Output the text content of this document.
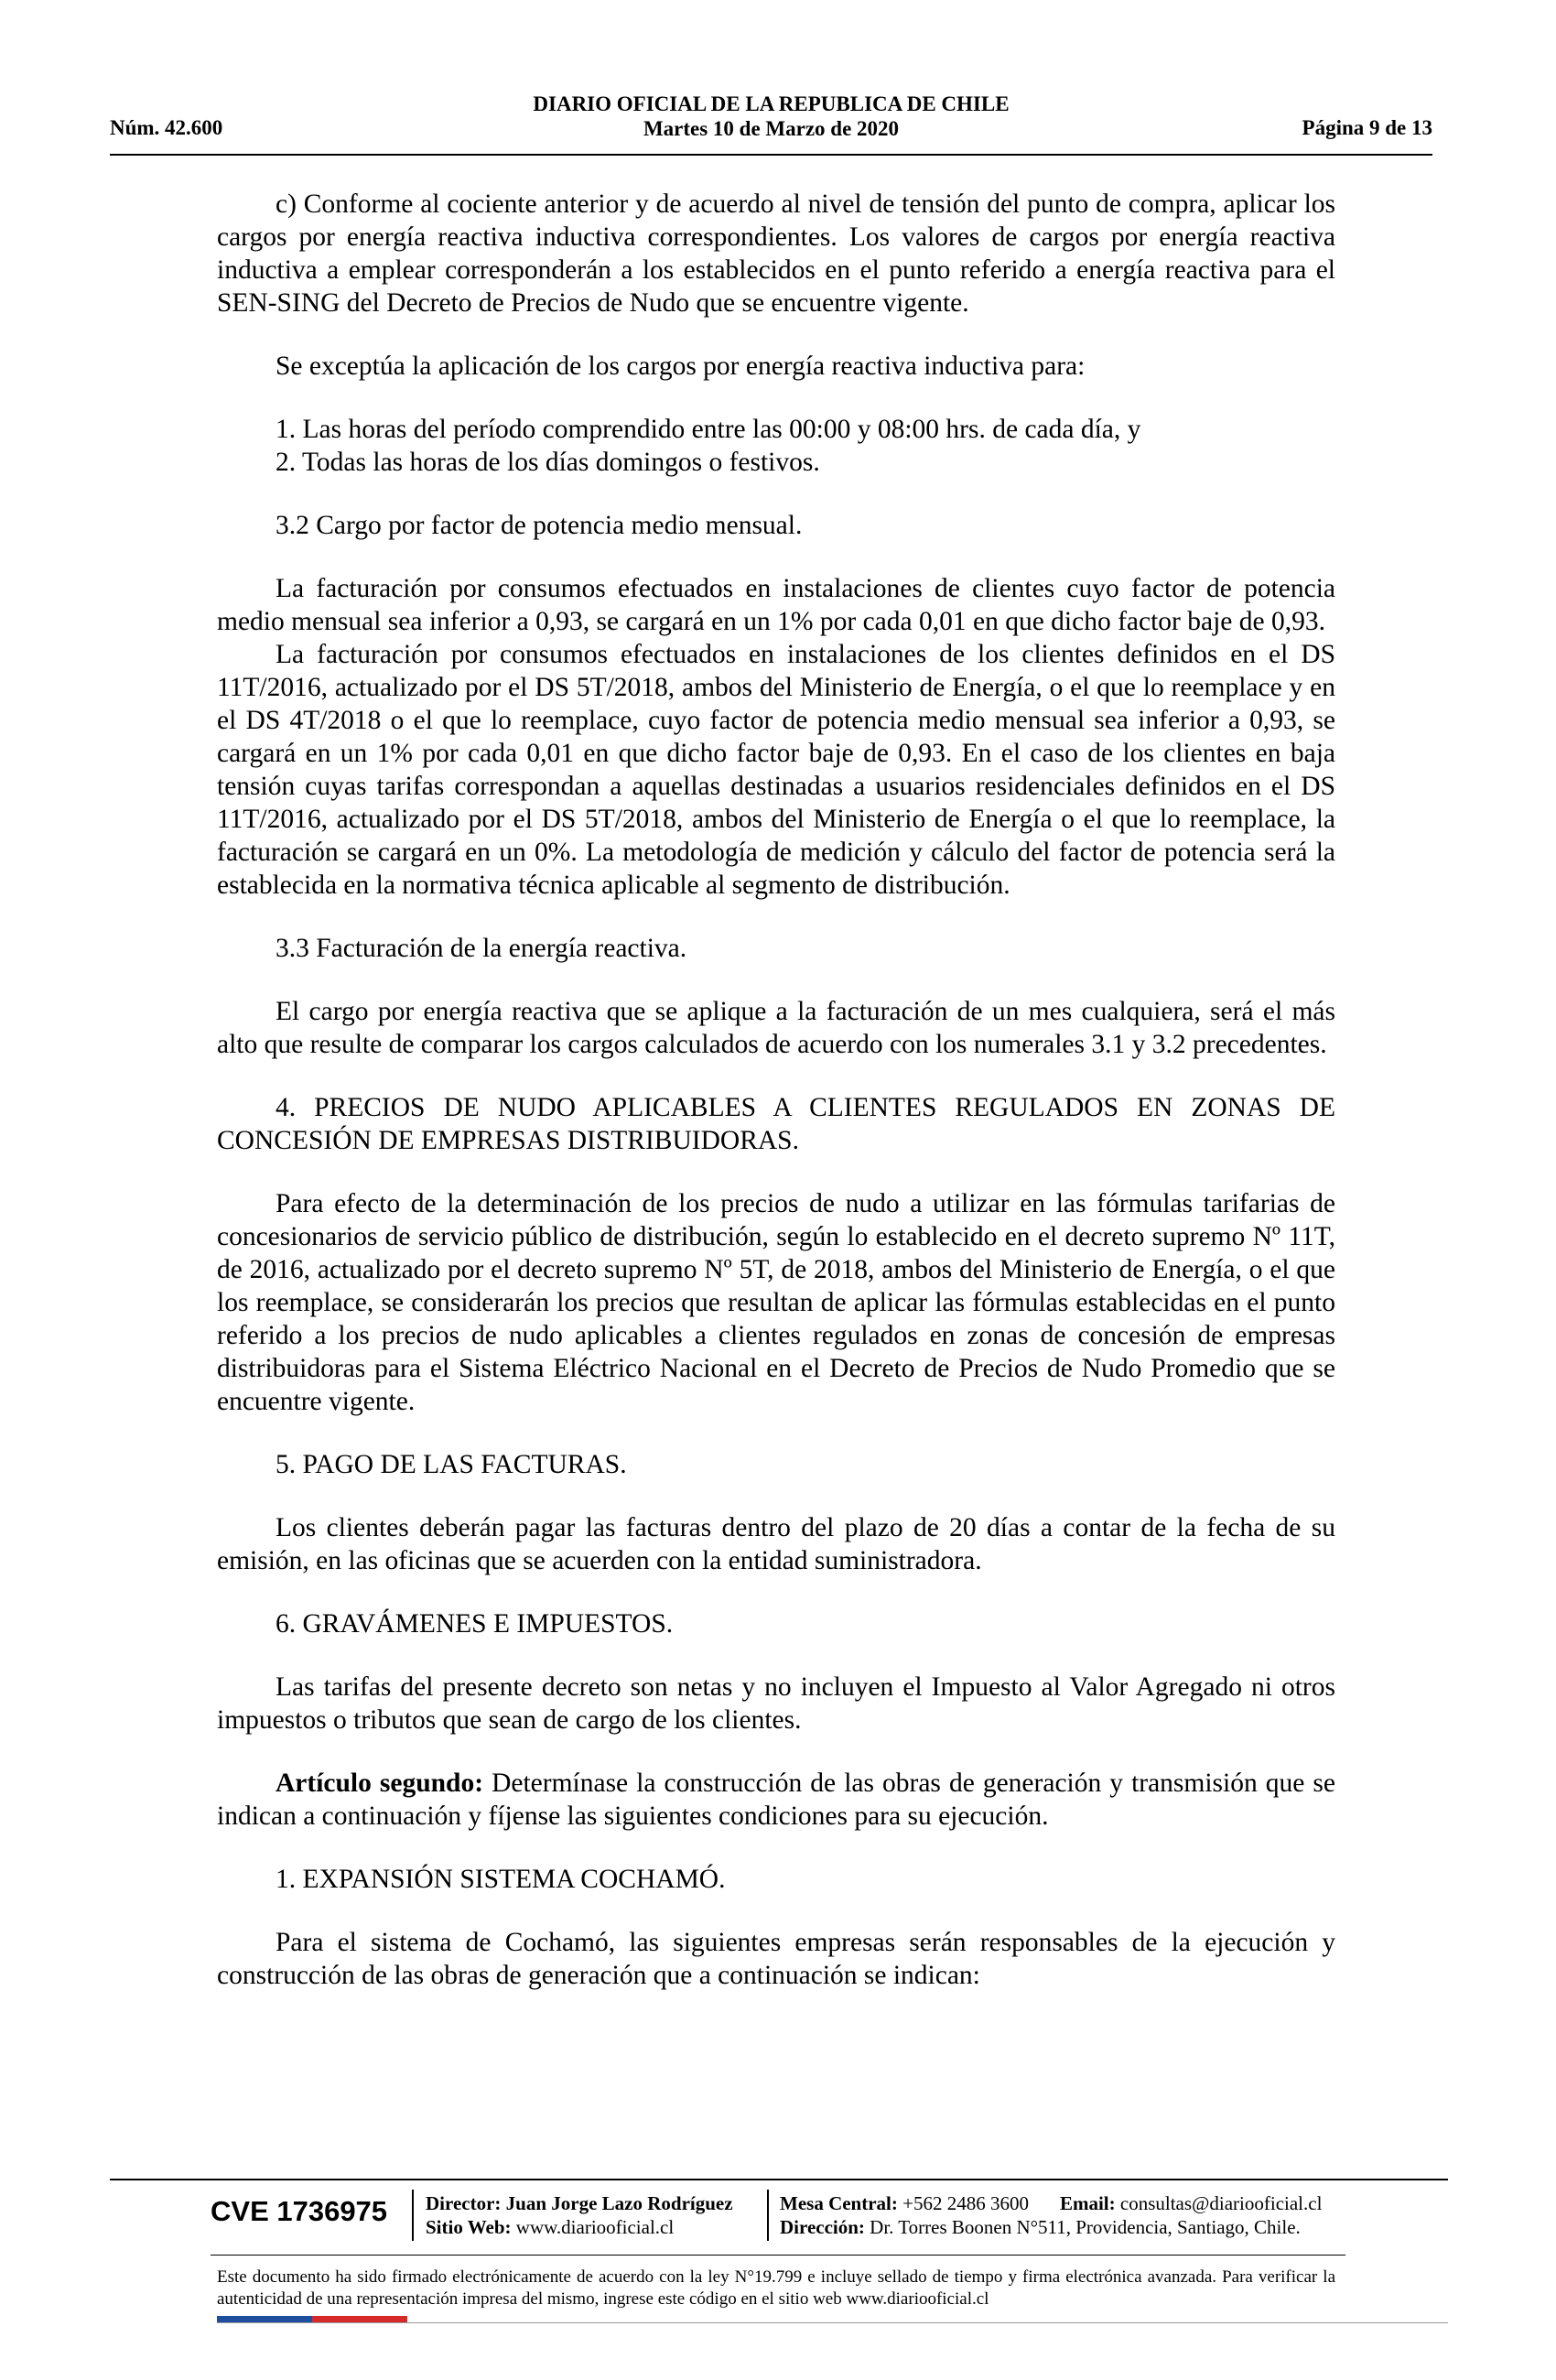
DIARIO OFICIAL DE LA REPUBLICA DE CHILE
Martes 10 de Marzo de 2020
Núm. 42.600	Página 9 de 13

c) Conforme al cociente anterior y de acuerdo al nivel de tensión del punto de compra, aplicar los cargos por energía reactiva inductiva correspondientes. Los valores de cargos por energía reactiva inductiva a emplear corresponderán a los establecidos en el punto referido a energía reactiva para el SEN-SING del Decreto de Precios de Nudo que se encuentre vigente.

Se exceptúa la aplicación de los cargos por energía reactiva inductiva para:

1. Las horas del período comprendido entre las 00:00 y 08:00 hrs. de cada día, y

2. Todas las horas de los días domingos o festivos.

3.2 Cargo por factor de potencia medio mensual.

La facturación por consumos efectuados en instalaciones de clientes cuyo factor de potencia medio mensual sea inferior a 0,93, se cargará en un 1% por cada 0,01 en que dicho factor baje de 0,93.

La facturación por consumos efectuados en instalaciones de los clientes definidos en el DS 11T/2016, actualizado por el DS 5T/2018, ambos del Ministerio de Energía, o el que lo reemplace y en el DS 4T/2018 o el que lo reemplace, cuyo factor de potencia medio mensual sea inferior a 0,93, se cargará en un 1% por cada 0,01 en que dicho factor baje de 0,93. En el caso de los clientes en baja tensión cuyas tarifas correspondan a aquellas destinadas a usuarios residenciales definidos en el DS 11T/2016, actualizado por el DS 5T/2018, ambos del Ministerio de Energía o el que lo reemplace, la facturación se cargará en un 0%. La metodología de medición y cálculo del factor de potencia será la establecida en la normativa técnica aplicable al segmento de distribución.

3.3 Facturación de la energía reactiva.

El cargo por energía reactiva que se aplique a la facturación de un mes cualquiera, será el más alto que resulte de comparar los cargos calculados de acuerdo con los numerales 3.1 y 3.2 precedentes.

4. PRECIOS DE NUDO APLICABLES A CLIENTES REGULADOS EN ZONAS DE CONCESIÓN DE EMPRESAS DISTRIBUIDORAS.

Para efecto de la determinación de los precios de nudo a utilizar en las fórmulas tarifarias de concesionarios de servicio público de distribución, según lo establecido en el decreto supremo Nº 11T, de 2016, actualizado por el decreto supremo Nº 5T, de 2018, ambos del Ministerio de Energía, o el que los reemplace, se considerarán los precios que resultan de aplicar las fórmulas establecidas en el punto referido a los precios de nudo aplicables a clientes regulados en zonas de concesión de empresas distribuidoras para el Sistema Eléctrico Nacional en el Decreto de Precios de Nudo Promedio que se encuentre vigente.

5. PAGO DE LAS FACTURAS.

Los clientes deberán pagar las facturas dentro del plazo de 20 días a contar de la fecha de su emisión, en las oficinas que se acuerden con la entidad suministradora.

6. GRAVÁMENES E IMPUESTOS.

Las tarifas del presente decreto son netas y no incluyen el Impuesto al Valor Agregado ni otros impuestos o tributos que sean de cargo de los clientes.

Artículo segundo: Determínase la construcción de las obras de generación y transmisión que se indican a continuación y fíjense las siguientes condiciones para su ejecución.

1. EXPANSIÓN SISTEMA COCHAMÓ.

Para el sistema de Cochamó, las siguientes empresas serán responsables de la ejecución y construcción de las obras de generación que a continuación se indican:

CVE 1736975 Director: Juan Jorge Lazo Rodríguez
Sitio Web: www.diariooficial.cl
Mesa Central: +562 2486 3600 Email: consultas@diariooficial.cl
Dirección: Dr. Torres Boonen N°511, Providencia, Santiago, Chile.
Este documento ha sido firmado electrónicamente de acuerdo con la ley N°19.799 e incluye sellado de tiempo y firma electrónica avanzada. Para verificar la autenticidad de una representación impresa del mismo, ingrese este código en el sitio web www.diariooficial.cl
